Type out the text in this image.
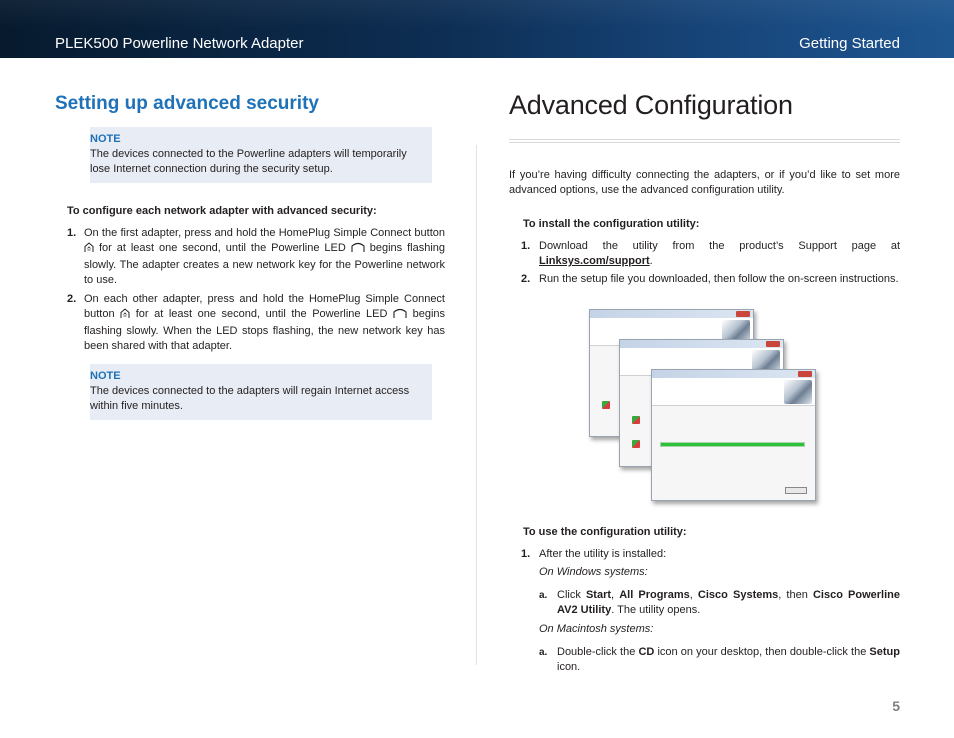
PLEK500 Powerline Network Adapter	Getting Started
Setting up advanced security
NOTE
The devices connected to the Powerline adapters will temporarily lose Internet connection during the security setup.
To configure each network adapter with advanced security:
1. On the first adapter, press and hold the HomePlug Simple Connect button  for at least one second, until the Powerline LED begins flashing slowly. The adapter creates a new network key for the Powerline network to use.
2. On each other adapter, press and hold the HomePlug Simple Connect button for at least one second, until the Powerline LED begins flashing slowly. When the LED stops flashing, the new network key has been shared with that adapter.
NOTE
The devices connected to the adapters will regain Internet access within five minutes.
Advanced Configuration

If you’re having difficulty connecting the adapters, or if you’d like to set more advanced options, use the advanced configuration utility.

To install the configuration utility:
1. Download the utility from the product’s Support page at Linksys.com/support.
2. Run the setup file you downloaded, then follow the on-screen instructions.
To use the configuration utility:
1. After the utility is installed:
On Windows systems:
a. Click Start, All Programs, Cisco Systems, then Cisco Powerline AV2 Utility. The utility opens.
On Macintosh systems:
a. Double-click the CD icon on your desktop, then double-click the Setup icon.
5
